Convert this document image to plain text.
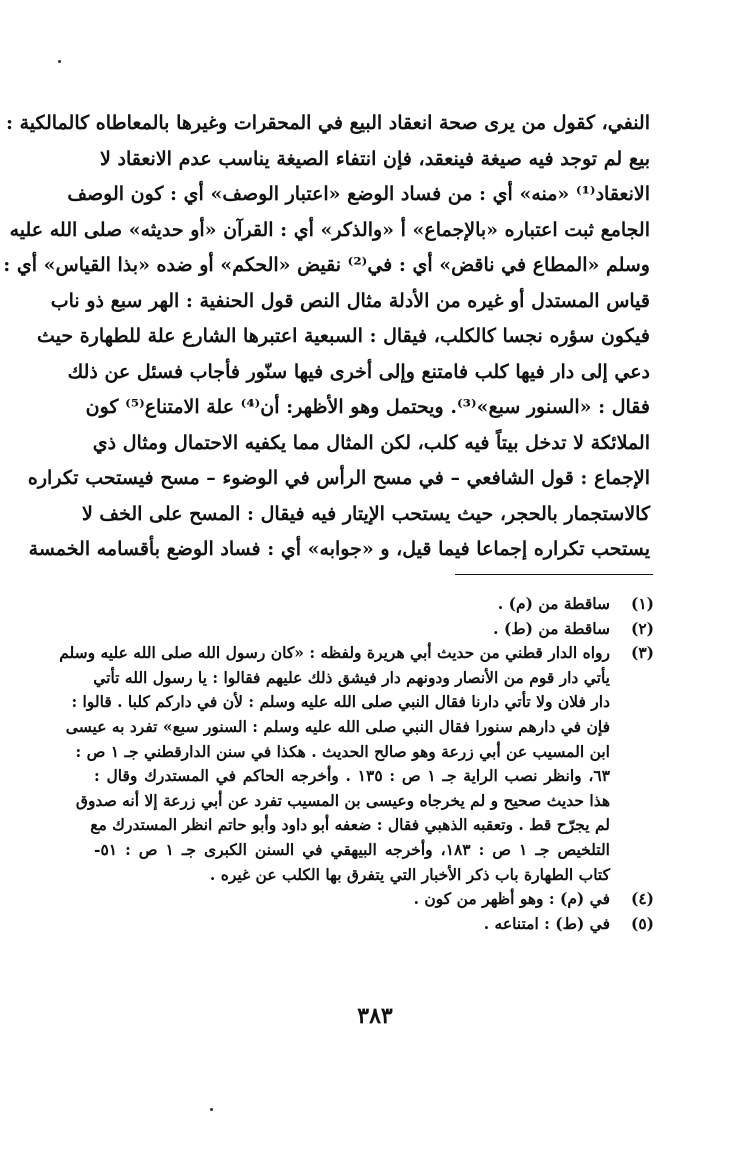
النفي، كقول من يرى صحة انعقاد البيع في المحقرات وغيرها بالمعاطاه كالمالكية :
بيع لم توجد فيه صيغة فينعقد، فإن انتفاء الصيغة يناسب عدم الانعقاد لا
الانعقاد⁽¹⁾ «منه» أي : من فساد الوضع «اعتبار الوصف» أي : كون الوصف
الجامع ثبت اعتباره «بالإجماع» أ «والذكر» أي : القرآن «أو حديثه» صلى الله عليه
وسلم «المطاع في ناقض» أي : في⁽²⁾ نقيض «الحكم» أو ضده «بذا القياس» أي :
قياس المستدل أو غيره من الأدلة مثال النص قول الحنفية : الهر سبع ذو ناب
فيكون سؤره نجسا كالكلب، فيقال : السبعية اعتبرها الشارع علة للطهارة حيث
دعي إلى دار فيها كلب فامتنع وإلى أخرى فيها سنّور فأجاب فسئل عن ذلك
فقال : «السنور سبع»⁽³⁾. ويحتمل وهو الأظهر: أن⁽⁴⁾ علة الامتناع⁽⁵⁾ كون
الملائكة لا تدخل بيتاً فيه كلب، لكن المثال مما يكفيه الاحتمال ومثال ذي
الإجماع : قول الشافعي – في مسح الرأس في الوضوء – مسح فيستحب تكراره
كالاستجمار بالحجر، حيث يستحب الإيتار فيه فيقال : المسح على الخف لا
يستحب تكراره إجماعا فيما قيل، و «جوابه» أي : فساد الوضع بأقسامه الخمسة
(١)
ساقطة من (م) .
(٢)
ساقطة من (ط) .
(٣)
رواه الدار قطني من حديث أبي هريرة ولفظه : «كان رسول الله صلى الله عليه وسلم
يأتي دار قوم من الأنصار ودونهم دار فيشق ذلك عليهم فقالوا : يا رسول الله تأتي
دار فلان ولا تأتي دارنا فقال النبي صلى الله عليه وسلم : لأن في داركم كلبا . قالوا :
فإن في دارهم سنورا فقال النبي صلى الله عليه وسلم : السنور سبع» تفرد به عيسى
ابن المسيب عن أبي زرعة وهو صالح الحديث . هكذا في سنن الدارقطني جـ ١ ص :
٦٣، وانظر نصب الراية جـ ١ ص : ١٣٥ . وأخرجه الحاكم في المستدرك وقال :
هذا حديث صحيح و لم يخرجاه وعيسى بن المسيب تفرد عن أبي زرعة إلا أنه صدوق
لم يجرّح قط . وتعقبه الذهبي فقال : ضعفه أبو داود وأبو حاتم انظر المستدرك مع
التلخيص جـ ١ ص : ١٨٣، وأخرجه البيهقي في السنن الكبرى جـ ١ ص : ٥١-
كتاب الطهارة باب ذكر الأخبار التي يتفرق بها الكلب عن غيره .
(٤)
في (م) : وهو أظهر من كون .
(٥)
في (ط) : امتناعه .
٣٨٣
